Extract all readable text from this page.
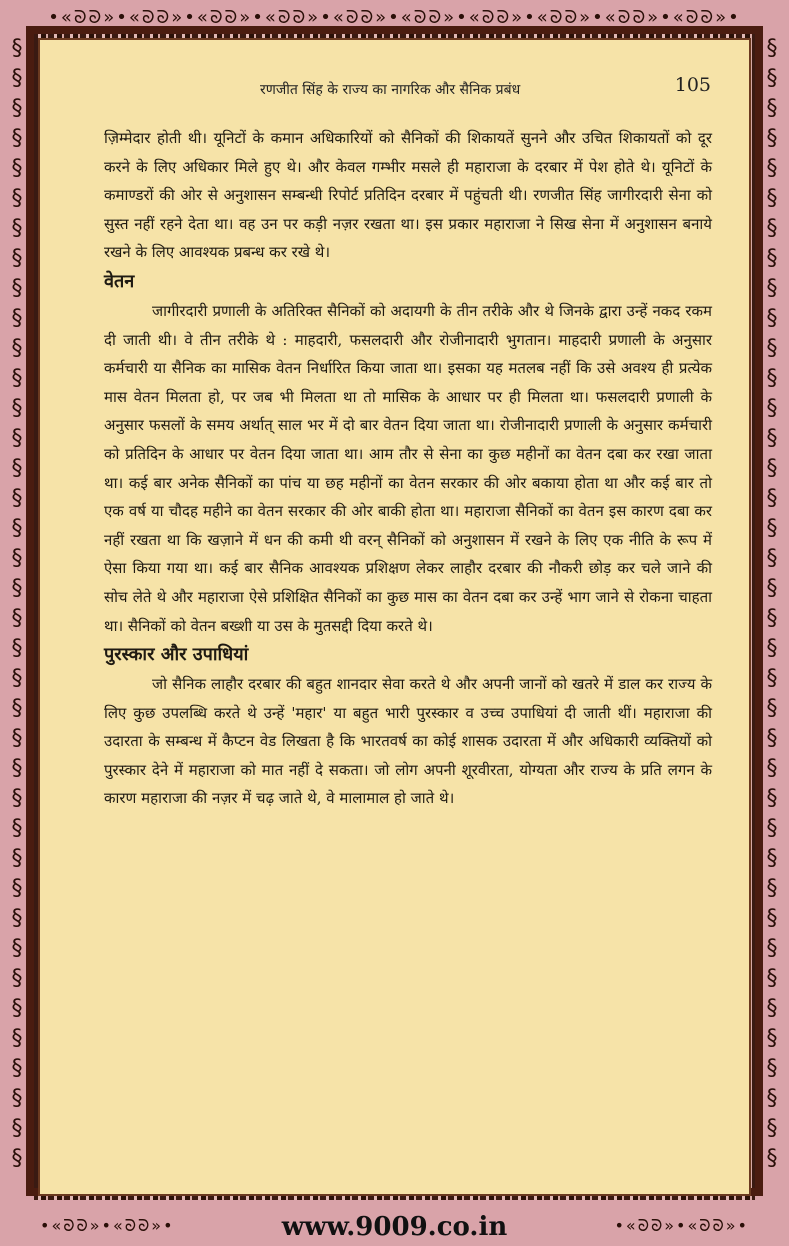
•«ᘐᘐ»•«ᘐᘐ»•«ᘐᘐ»•«ᘐᘐ»•«ᘐᘐ»•«ᘐᘐ»•«ᘐᘐ»•«ᘐᘐ»•«ᘐᘐ»•«ᘐᘐ»•
§
§
§
§
§
§
§
§
§
§
§
§
§
§
§
§
§
§
§
§
§
§
§
§
§
§
§
§
§
§
§
§
§
§
§
§
§
§
§
§
§
§
§
§
§
§
§
§
§
§
§
§
§
§
§
§
§
§
§
§
§
§
§
§
§
§
§
§
§
§
§
§
§
§
§
§
रणजीत सिंह के राज्य का नागरिक और सैनिक प्रबंध	105

ज़िम्मेदार होती थी। यूनिटों के कमान अधिकारियों को सैनिकों की शिकायतें सुनने और उचित शिकायतों को दूर करने के लिए अधिकार मिले हुए थे। और केवल गम्भीर मसले ही महाराजा के दरबार में पेश होते थे। यूनिटों के कमाण्डरों की ओर से अनुशासन सम्बन्धी रिपोर्ट प्रतिदिन दरबार में पहुंचती थी। रणजीत सिंह जागीरदारी सेना को सुस्त नहीं रहने देता था। वह उन पर कड़ी नज़र रखता था। इस प्रकार महाराजा ने सिख सेना में अनुशासन बनाये रखने के लिए आवश्यक प्रबन्ध कर रखे थे।

वेतन

जागीरदारी प्रणाली के अतिरिक्त सैनिकों को अदायगी के तीन तरीके और थे जिनके द्वारा उन्हें नकद रकम दी जाती थी। वे तीन तरीके थे : माहदारी, फसलदारी और रोजीनादारी भुगतान। माहदारी प्रणाली के अनुसार कर्मचारी या सैनिक का मासिक वेतन निर्धारित किया जाता था। इसका यह मतलब नहीं कि उसे अवश्य ही प्रत्येक मास वेतन मिलता हो, पर जब भी मिलता था तो मासिक के आधार पर ही मिलता था। फसलदारी प्रणाली के अनुसार फसलों के समय अर्थात् साल भर में दो बार वेतन दिया जाता था। रोजीनादारी प्रणाली के अनुसार कर्मचारी को प्रतिदिन के आधार पर वेतन दिया जाता था। आम तौर से सेना का कुछ महीनों का वेतन दबा कर रखा जाता था। कई बार अनेक सैनिकों का पांच या छह महीनों का वेतन सरकार की ओर बकाया होता था और कई बार तो एक वर्ष या चौदह महीने का वेतन सरकार की ओर बाकी होता था। महाराजा सैनिकों का वेतन इस कारण दबा कर नहीं रखता था कि खज़ाने में धन की कमी थी वरन् सैनिकों को अनुशासन में रखने के लिए एक नीति के रूप में ऐसा किया गया था। कई बार सैनिक आवश्यक प्रशिक्षण लेकर लाहौर दरबार की नौकरी छोड़ कर चले जाने की सोच लेते थे और महाराजा ऐसे प्रशिक्षित सैनिकों का कुछ मास का वेतन दबा कर उन्हें भाग जाने से रोकना चाहता था। सैनिकों को वेतन बख्शी या उस के मुतसद्दी दिया करते थे।

पुरस्कार और उपाधियां

जो सैनिक लाहौर दरबार की बहुत शानदार सेवा करते थे और अपनी जानों को खतरे में डाल कर राज्य के लिए कुछ उपलब्धि करते थे उन्हें 'महार' या बहुत भारी पुरस्कार व उच्च उपाधियां दी जाती थीं। महाराजा की उदारता के सम्बन्ध में कैप्टन वेड लिखता है कि भारतवर्ष का कोई शासक उदारता में और अधिकारी व्यक्तियों को पुरस्कार देने में महाराजा को मात नहीं दे सकता। जो लोग अपनी शूरवीरता, योग्यता और राज्य के प्रति लगन के कारण महाराजा की नज़र में चढ़ जाते थे, वे मालामाल हो जाते थे।

•«ᘐᘐ»•«ᘐᘐ»•	•«ᘐᘐ»•«ᘐᘐ»•
www.9009.co.in
